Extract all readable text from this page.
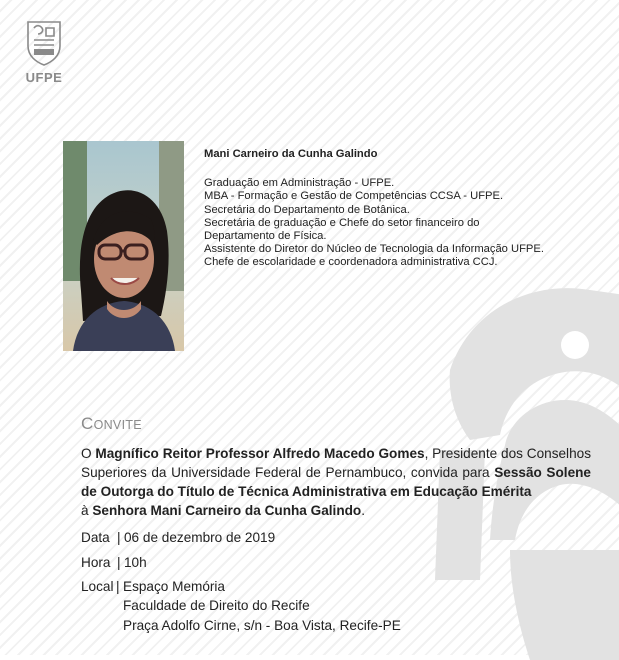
UFPE
Mani Carneiro da Cunha Galindo
Graduação em Administração - UFPE.
MBA - Formação e Gestão de Competências CCSA - UFPE.
Secretária do Departamento de Botânica.
Secretária de graduação e Chefe do setor financeiro do
Departamento de Física.
Assistente do Diretor do Núcleo de Tecnologia da Informação UFPE.
Chefe de escolaridade e coordenadora administrativa CCJ.
CONVITE

O Magnífico Reitor Professor Alfredo Macedo Gomes, Presidente dos Conselhos

Superiores da Universidade Federal de Pernambuco, convida para Sessão Solene

de Outorga do Título de Técnica Administrativa em Educação Emérita

à Senhora Mani Carneiro da Cunha Galindo.

Data | 06 de dezembro de 2019
Hora | 10h
Local | Espaço Memória
Faculdade de Direito do Recife
Praça Adolfo Cirne, s/n - Boa Vista, Recife-PE
